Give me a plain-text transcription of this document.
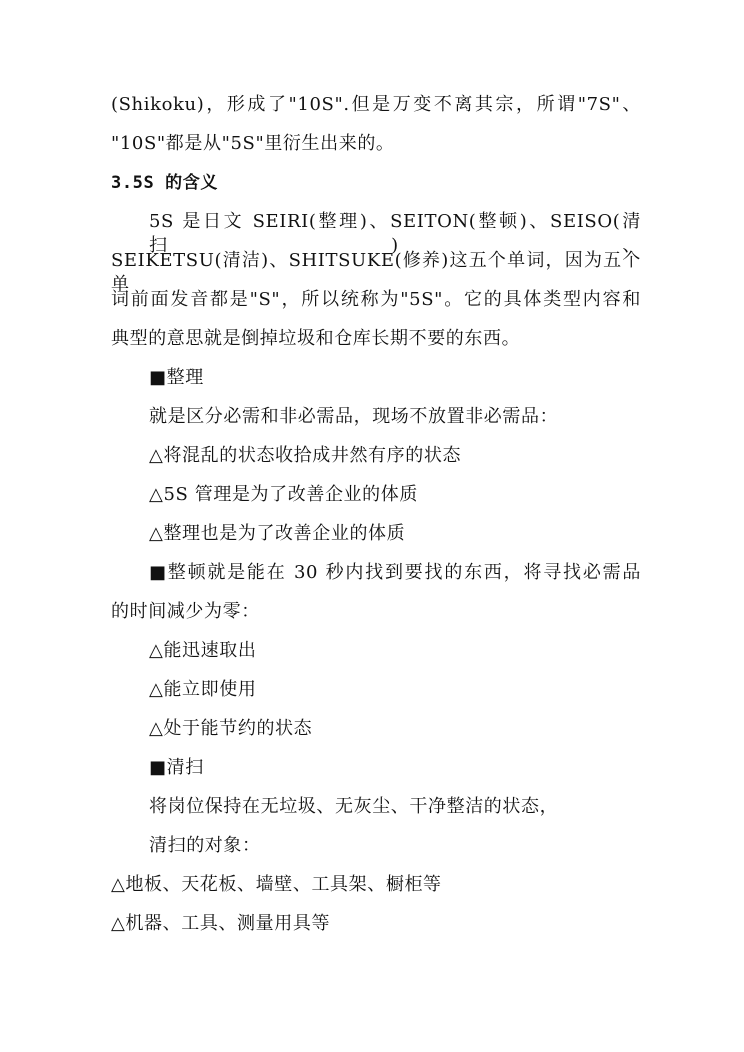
(Shikoku)，形成了"10S".但是万变不离其宗，所谓"7S"、
"10S"都是从"5S"里衍生出来的。
3.5S 的含义
5S 是日文 SEIRI(整理)、SEITON(整顿)、SEISO(清扫)、
SEIKETSU(清洁)、SHITSUKE(修养)这五个单词，因为五个单
词前面发音都是"S"，所以统称为"5S"。它的具体类型内容和
典型的意思就是倒掉垃圾和仓库长期不要的东西。
■整理
就是区分必需和非必需品，现场不放置非必需品：
△将混乱的状态收拾成井然有序的状态
△5S 管理是为了改善企业的体质
△整理也是为了改善企业的体质
■整顿就是能在 30 秒内找到要找的东西，将寻找必需品
的时间减少为零：
△能迅速取出
△能立即使用
△处于能节约的状态
■清扫
将岗位保持在无垃圾、无灰尘、干净整洁的状态，
清扫的对象：
△地板、天花板、墙壁、工具架、橱柜等
△机器、工具、测量用具等
